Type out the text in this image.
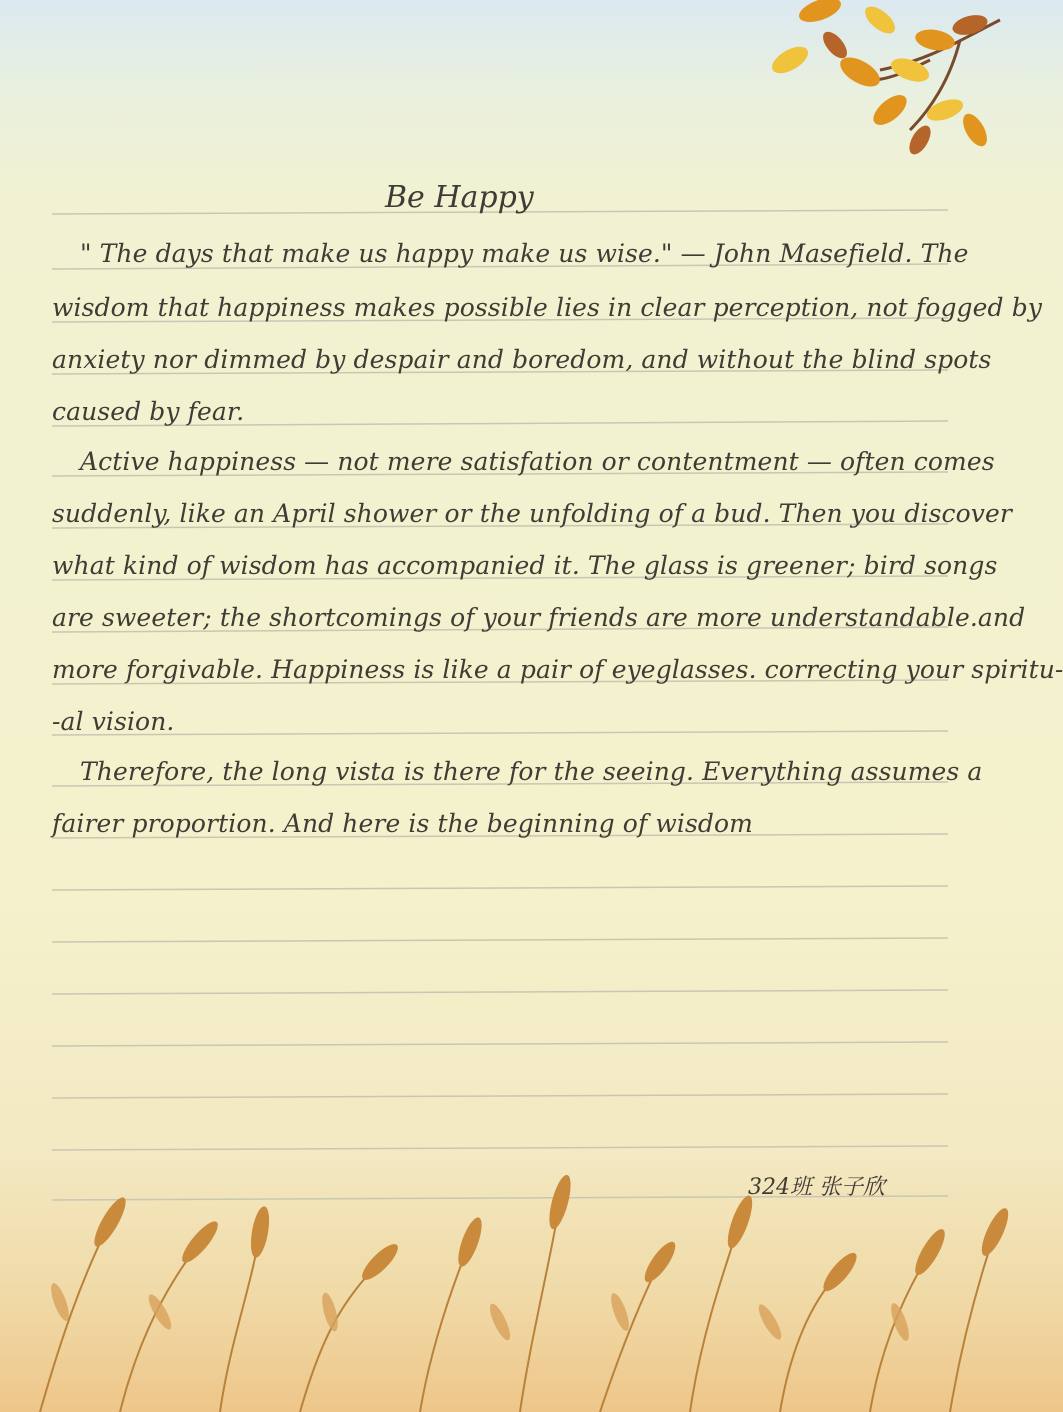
Be Happy
" The days that make us happy make us wise." — John Masefield. The
wisdom that happiness makes possible lies in clear perception, not fogged by
anxiety nor dimmed by despair and boredom, and without the blind spots
caused by fear.
Active happiness — not mere satisfation or contentment — often comes
suddenly, like an April shower or the unfolding of a bud. Then you discover
what kind of wisdom has accompanied it. The glass is greener; bird songs
are sweeter; the shortcomings of your friends are more understandable.and
more forgivable. Happiness is like a pair of eyeglasses. correcting your spiritu-
-al vision.
Therefore, the long vista is there for the seeing. Everything assumes a
fairer proportion. And here is the beginning of wisdom
324班 张子欣
